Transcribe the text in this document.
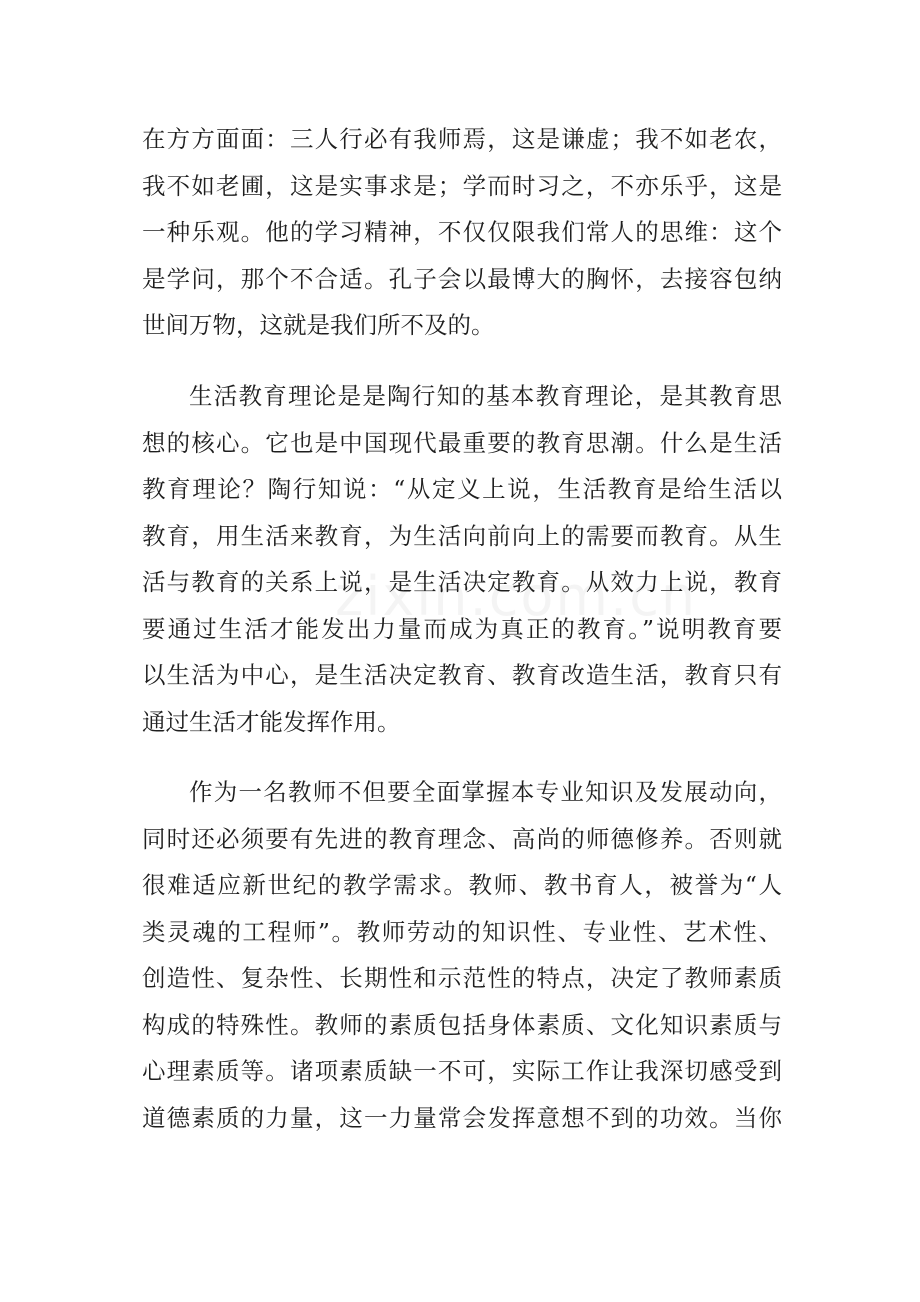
在方方面面：三人行必有我师焉，这是谦虚；我不如老农，
我不如老圃，这是实事求是；学而时习之，不亦乐乎，这是
一种乐观。他的学习精神，不仅仅限我们常人的思维：这个
是学问，那个不合适。孔子会以最博大的胸怀，去接容包纳
世间万物，这就是我们所不及的。
生活教育理论是是陶行知的基本教育理论，是其教育思
想的核心。它也是中国现代最重要的教育思潮。什么是生活
教育理论？陶行知说：“从定义上说，生活教育是给生活以
教育，用生活来教育，为生活向前向上的需要而教育。从生
活与教育的关系上说，是生活决定教育。从效力上说，教育
要通过生活才能发出力量而成为真正的教育。”说明教育要
以生活为中心，是生活决定教育、教育改造生活，教育只有
通过生活才能发挥作用。
作为一名教师不但要全面掌握本专业知识及发展动向，
同时还必须要有先进的教育理念、高尚的师德修养。否则就
很难适应新世纪的教学需求。教师、教书育人，被誉为“人
类灵魂的工程师”。教师劳动的知识性、专业性、艺术性、
创造性、复杂性、长期性和示范性的特点，决定了教师素质
构成的特殊性。教师的素质包括身体素质、文化知识素质与
心理素质等。诸项素质缺一不可，实际工作让我深切感受到
道德素质的力量，这一力量常会发挥意想不到的功效。当你
